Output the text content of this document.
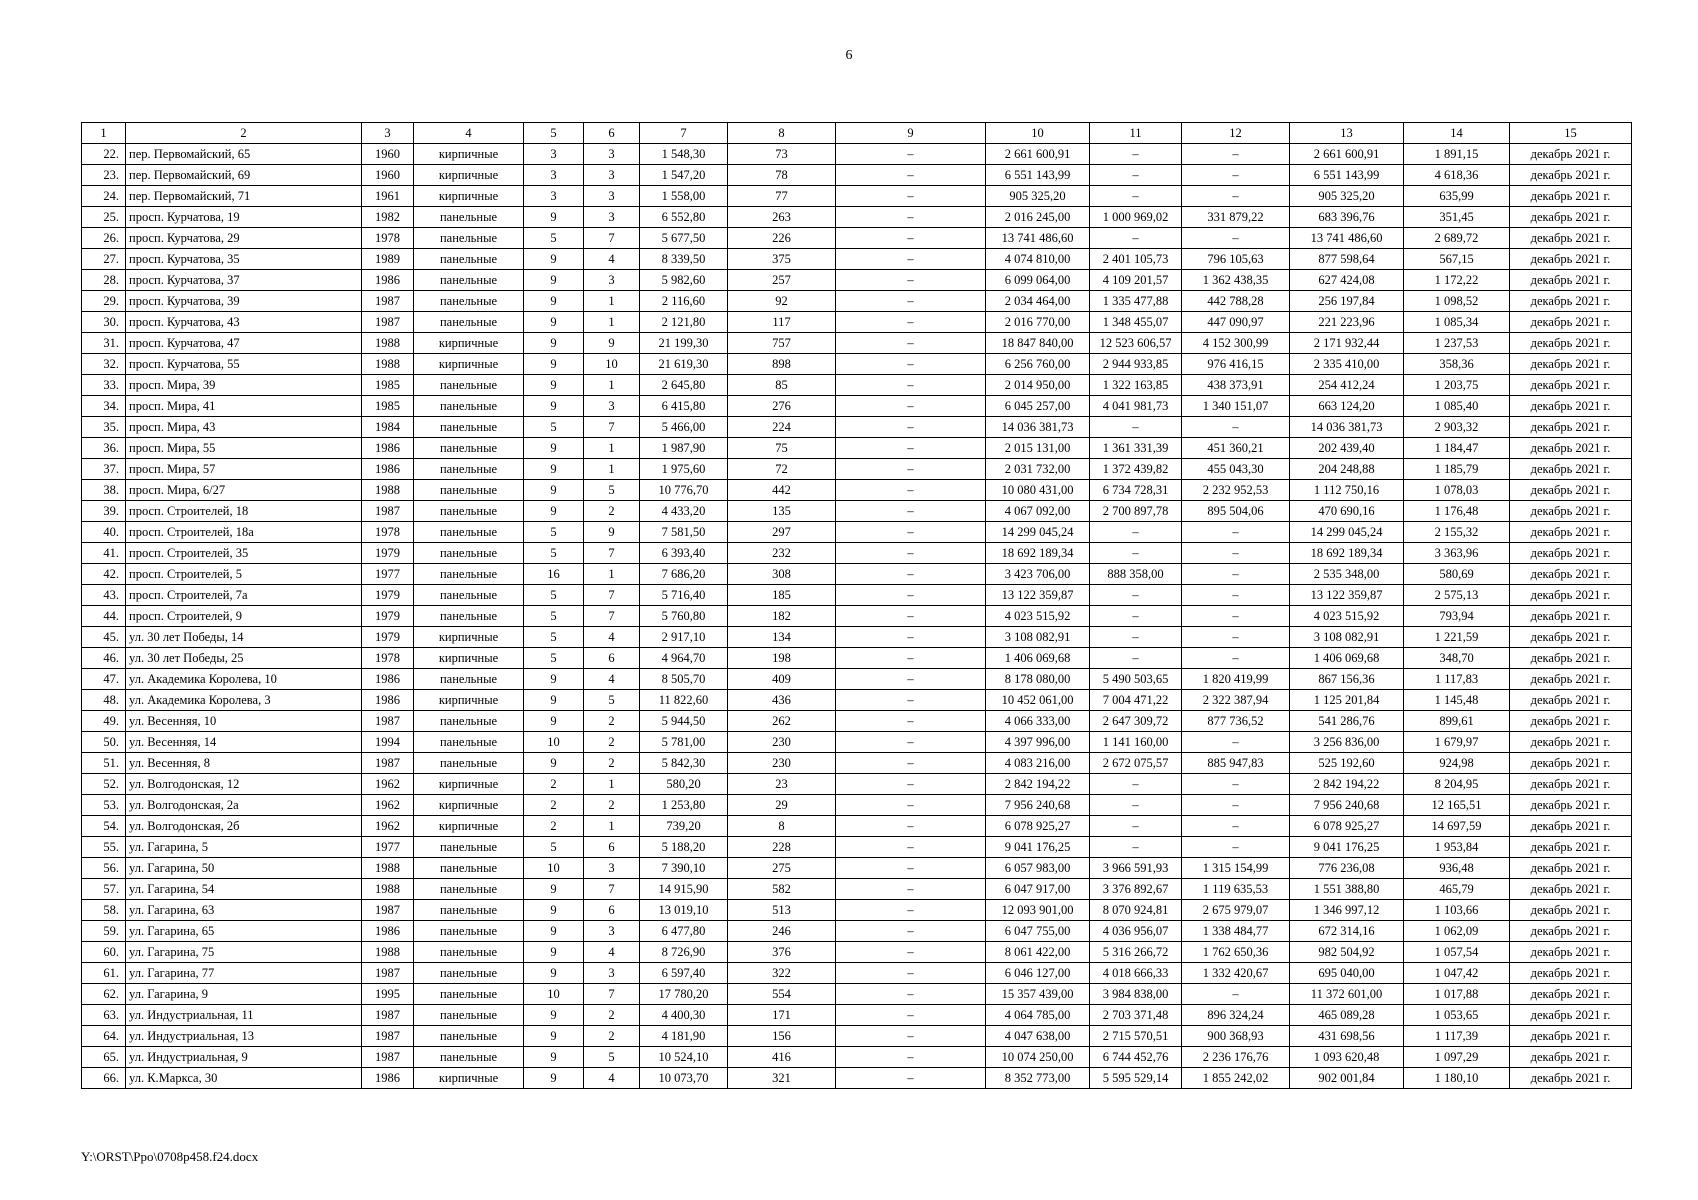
6
1	2	3	4	5	6	7	8	9	10	11	12	13	14	15
22.	пер. Первомайский, 65	1960	кирпичные	3	3	1 548,30	73	–	2 661 600,91	–	–	2 661 600,91	1 891,15	декабрь 2021 г.
23.	пер. Первомайский, 69	1960	кирпичные	3	3	1 547,20	78	–	6 551 143,99	–	–	6 551 143,99	4 618,36	декабрь 2021 г.
24.	пер. Первомайский, 71	1961	кирпичные	3	3	1 558,00	77	–	905 325,20	–	–	905 325,20	635,99	декабрь 2021 г.
25.	просп. Курчатова, 19	1982	панельные	9	3	6 552,80	263	–	2 016 245,00	1 000 969,02	331 879,22	683 396,76	351,45	декабрь 2021 г.
26.	просп. Курчатова, 29	1978	панельные	5	7	5 677,50	226	–	13 741 486,60	–	–	13 741 486,60	2 689,72	декабрь 2021 г.
27.	просп. Курчатова, 35	1989	панельные	9	4	8 339,50	375	–	4 074 810,00	2 401 105,73	796 105,63	877 598,64	567,15	декабрь 2021 г.
28.	просп. Курчатова, 37	1986	панельные	9	3	5 982,60	257	–	6 099 064,00	4 109 201,57	1 362 438,35	627 424,08	1 172,22	декабрь 2021 г.
29.	просп. Курчатова, 39	1987	панельные	9	1	2 116,60	92	–	2 034 464,00	1 335 477,88	442 788,28	256 197,84	1 098,52	декабрь 2021 г.
30.	просп. Курчатова, 43	1987	панельные	9	1	2 121,80	117	–	2 016 770,00	1 348 455,07	447 090,97	221 223,96	1 085,34	декабрь 2021 г.
31.	просп. Курчатова, 47	1988	кирпичные	9	9	21 199,30	757	–	18 847 840,00	12 523 606,57	4 152 300,99	2 171 932,44	1 237,53	декабрь 2021 г.
32.	просп. Курчатова, 55	1988	кирпичные	9	10	21 619,30	898	–	6 256 760,00	2 944 933,85	976 416,15	2 335 410,00	358,36	декабрь 2021 г.
33.	просп. Мира, 39	1985	панельные	9	1	2 645,80	85	–	2 014 950,00	1 322 163,85	438 373,91	254 412,24	1 203,75	декабрь 2021 г.
34.	просп. Мира, 41	1985	панельные	9	3	6 415,80	276	–	6 045 257,00	4 041 981,73	1 340 151,07	663 124,20	1 085,40	декабрь 2021 г.
35.	просп. Мира, 43	1984	панельные	5	7	5 466,00	224	–	14 036 381,73	–	–	14 036 381,73	2 903,32	декабрь 2021 г.
36.	просп. Мира, 55	1986	панельные	9	1	1 987,90	75	–	2 015 131,00	1 361 331,39	451 360,21	202 439,40	1 184,47	декабрь 2021 г.
37.	просп. Мира, 57	1986	панельные	9	1	1 975,60	72	–	2 031 732,00	1 372 439,82	455 043,30	204 248,88	1 185,79	декабрь 2021 г.
38.	просп. Мира, 6/27	1988	панельные	9	5	10 776,70	442	–	10 080 431,00	6 734 728,31	2 232 952,53	1 112 750,16	1 078,03	декабрь 2021 г.
39.	просп. Строителей, 18	1987	панельные	9	2	4 433,20	135	–	4 067 092,00	2 700 897,78	895 504,06	470 690,16	1 176,48	декабрь 2021 г.
40.	просп. Строителей, 18а	1978	панельные	5	9	7 581,50	297	–	14 299 045,24	–	–	14 299 045,24	2 155,32	декабрь 2021 г.
41.	просп. Строителей, 35	1979	панельные	5	7	6 393,40	232	–	18 692 189,34	–	–	18 692 189,34	3 363,96	декабрь 2021 г.
42.	просп. Строителей, 5	1977	панельные	16	1	7 686,20	308	–	3 423 706,00	888 358,00	–	2 535 348,00	580,69	декабрь 2021 г.
43.	просп. Строителей, 7а	1979	панельные	5	7	5 716,40	185	–	13 122 359,87	–	–	13 122 359,87	2 575,13	декабрь 2021 г.
44.	просп. Строителей, 9	1979	панельные	5	7	5 760,80	182	–	4 023 515,92	–	–	4 023 515,92	793,94	декабрь 2021 г.
45.	ул. 30 лет Победы, 14	1979	кирпичные	5	4	2 917,10	134	–	3 108 082,91	–	–	3 108 082,91	1 221,59	декабрь 2021 г.
46.	ул. 30 лет Победы, 25	1978	кирпичные	5	6	4 964,70	198	–	1 406 069,68	–	–	1 406 069,68	348,70	декабрь 2021 г.
47.	ул. Академика Королева, 10	1986	панельные	9	4	8 505,70	409	–	8 178 080,00	5 490 503,65	1 820 419,99	867 156,36	1 117,83	декабрь 2021 г.
48.	ул. Академика Королева, 3	1986	кирпичные	9	5	11 822,60	436	–	10 452 061,00	7 004 471,22	2 322 387,94	1 125 201,84	1 145,48	декабрь 2021 г.
49.	ул. Весенняя, 10	1987	панельные	9	2	5 944,50	262	–	4 066 333,00	2 647 309,72	877 736,52	541 286,76	899,61	декабрь 2021 г.
50.	ул. Весенняя, 14	1994	панельные	10	2	5 781,00	230	–	4 397 996,00	1 141 160,00	–	3 256 836,00	1 679,97	декабрь 2021 г.
51.	ул. Весенняя, 8	1987	панельные	9	2	5 842,30	230	–	4 083 216,00	2 672 075,57	885 947,83	525 192,60	924,98	декабрь 2021 г.
52.	ул. Волгодонская, 12	1962	кирпичные	2	1	580,20	23	–	2 842 194,22	–	–	2 842 194,22	8 204,95	декабрь 2021 г.
53.	ул. Волгодонская, 2а	1962	кирпичные	2	2	1 253,80	29	–	7 956 240,68	–	–	7 956 240,68	12 165,51	декабрь 2021 г.
54.	ул. Волгодонская, 2б	1962	кирпичные	2	1	739,20	8	–	6 078 925,27	–	–	6 078 925,27	14 697,59	декабрь 2021 г.
55.	ул. Гагарина, 5	1977	панельные	5	6	5 188,20	228	–	9 041 176,25	–	–	9 041 176,25	1 953,84	декабрь 2021 г.
56.	ул. Гагарина, 50	1988	панельные	10	3	7 390,10	275	–	6 057 983,00	3 966 591,93	1 315 154,99	776 236,08	936,48	декабрь 2021 г.
57.	ул. Гагарина, 54	1988	панельные	9	7	14 915,90	582	–	6 047 917,00	3 376 892,67	1 119 635,53	1 551 388,80	465,79	декабрь 2021 г.
58.	ул. Гагарина, 63	1987	панельные	9	6	13 019,10	513	–	12 093 901,00	8 070 924,81	2 675 979,07	1 346 997,12	1 103,66	декабрь 2021 г.
59.	ул. Гагарина, 65	1986	панельные	9	3	6 477,80	246	–	6 047 755,00	4 036 956,07	1 338 484,77	672 314,16	1 062,09	декабрь 2021 г.
60.	ул. Гагарина, 75	1988	панельные	9	4	8 726,90	376	–	8 061 422,00	5 316 266,72	1 762 650,36	982 504,92	1 057,54	декабрь 2021 г.
61.	ул. Гагарина, 77	1987	панельные	9	3	6 597,40	322	–	6 046 127,00	4 018 666,33	1 332 420,67	695 040,00	1 047,42	декабрь 2021 г.
62.	ул. Гагарина, 9	1995	панельные	10	7	17 780,20	554	–	15 357 439,00	3 984 838,00	–	11 372 601,00	1 017,88	декабрь 2021 г.
63.	ул. Индустриальная, 11	1987	панельные	9	2	4 400,30	171	–	4 064 785,00	2 703 371,48	896 324,24	465 089,28	1 053,65	декабрь 2021 г.
64.	ул. Индустриальная, 13	1987	панельные	9	2	4 181,90	156	–	4 047 638,00	2 715 570,51	900 368,93	431 698,56	1 117,39	декабрь 2021 г.
65.	ул. Индустриальная, 9	1987	панельные	9	5	10 524,10	416	–	10 074 250,00	6 744 452,76	2 236 176,76	1 093 620,48	1 097,29	декабрь 2021 г.
66.	ул. К.Маркса, 30	1986	кирпичные	9	4	10 073,70	321	–	8 352 773,00	5 595 529,14	1 855 242,02	902 001,84	1 180,10	декабрь 2021 г.
Y:\ORST\Ppo\0708p458.f24.docx
